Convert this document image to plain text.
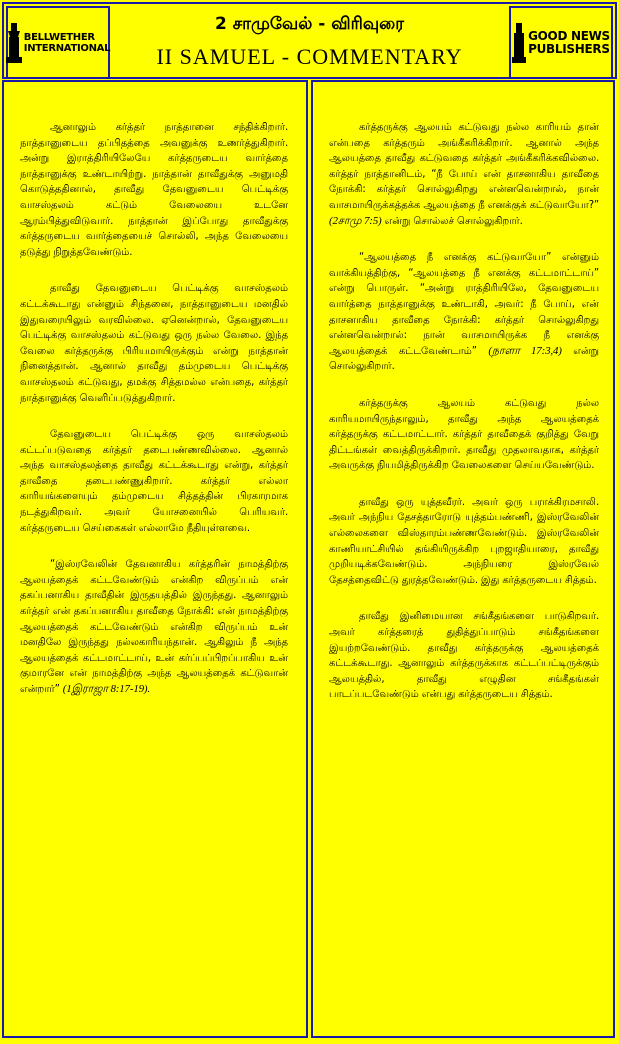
BELLWETHER
INTERNATIONAL
2 சாமுவேல் - விரிவுரை
II SAMUEL - COMMENTARY
GOOD NEWS
PUBLISHERS

ஆனாலும் கர்த்தர் நாத்தானை சந்திக்கிறார். நாத்தானுடைய தப்பிதத்தை அவனுக்கு உணர்த்துகிறார். அன்று இராத்திரியிலேயே கர்த்தருடைய வார்த்தை நாத்தானுக்கு உண்டாயிற்று. நாத்தான் தாவீதுக்கு அனுமதி கொடுத்ததினால், தாவீது தேவனுடைய பெட்டிக்கு வாசஸ்தலம் கட்டும் வேலையை உடனே ஆரம்பித்துவிடுவார். நாத்தான் இப்போது தாவீதுக்கு கர்த்தருடைய வார்த்தையைச் சொல்லி, அந்த வேலையை தடுத்து நிறுத்தவேண்டும்.

தாவீது தேவனுடைய பெட்டிக்கு வாசஸ்தலம் கட்டக்கூடாது என்னும் சிந்தனை, நாத்தானுடைய மனதில் இதுவரையிலும் வரவில்லை. ஏனென்றால், தேவனுடைய பெட்டிக்கு வாசஸ்தலம் கட்டுவது ஒரு நல்ல வேலை. இந்த வேலை கர்த்தருக்கு பிரியமாயிருக்கும் என்று நாத்தான் நினைத்தான். ஆனால் தாவீது தம்முடைய பெட்டிக்கு வாசஸ்தலம் கட்டுவது, தமக்கு சித்தமல்ல என்பதை, கர்த்தர் நாத்தானுக்கு வெளிப்படுத்துகிறார்.

தேவனுடைய பெட்டிக்கு ஒரு வாசஸ்தலம் கட்டப்படுவதை கர்த்தர் தடைபண்ணவில்லை. ஆனால் அந்த வாசஸ்தலத்தை தாவீது கட்டக்கூடாது என்று, கர்த்தர் தாவீதை தடைபண்ணுகிறார். கர்த்தர் எல்லா காரியங்களையும் தம்முடைய சித்தத்தின் பிரகாரமாக நடத்துகிறவர். அவர் யோசனையில் பெரியவர். கர்த்தருடைய செய்கைகள் எல்லாமே நீதியுள்ளவை.

“இஸ்ரவேலின் தேவனாகிய கர்த்தரின் நாமத்திற்கு ஆலயத்தைக் கட்டவேண்டும் என்கிற விருப்பம் என் தகப்பனாகிய தாவீதின் இருதயத்தில் இருந்தது. ஆனாலும் கர்த்தர் என் தகப்பனாகிய தாவீதை நோக்கி: என் நாமத்திற்கு ஆலயத்தைக் கட்டவேண்டும் என்கிற விருப்பம் உன் மனதிலே இருந்தது நல்லகாரியந்தான். ஆகிலும் நீ அந்த ஆலயத்தைக் கட்டமாட்டாய், உன் கர்ப்பப்பிறப்பாகிய உன் குமாரனே என் நாமத்திற்கு அந்த ஆலயத்தைக் கட்டுவான் என்றார்” (1இராஜா 8:17-19).

கர்த்தருக்கு ஆலயம் கட்டுவது நல்ல காரியம் தான் என்பதை கர்த்தரும் அங்கீகரிக்கிறார். ஆனால் அந்த ஆலயத்தை தாவீது கட்டுவதை கர்த்தர் அங்கீகரிக்கவில்லை. கர்த்தர் நாத்தானிடம், “நீ போய் என் தாசனாகிய தாவீதை நோக்கி: கர்த்தர் சொல்லுகிறது என்னவென்றால், நான் வாசமாயிருக்கத்தக்க ஆலயத்தை நீ எனக்குக் கட்டுவாயோ?” (2சாமு 7:5) என்று சொல்லச் சொல்லுகிறார்.

“ஆலயத்தை நீ எனக்கு கட்டுவாயோ” என்னும் வாக்கியத்திற்கு, “ஆலயத்தை நீ எனக்கு கட்டமாட்டாய்” என்று பொருள். “அன்று ராத்திரியிலே, தேவனுடைய வார்த்தை நாத்தானுக்கு உண்டாகி, அவர்: நீ போய், என் தாசனாகிய தாவீதை நோக்கி: கர்த்தர் சொல்லுகிறது என்னவென்றால்: நான் வாசமாயிருக்க நீ எனக்கு ஆலயத்தைக் கட்டவேண்டாம்” (நாளா 17:3,4) என்று சொல்லுகிறார்.

கர்த்தருக்கு ஆலயம் கட்டுவது நல்ல காரியமாயிருந்தாலும், தாவீது அந்த ஆலயத்தைக் கர்த்தருக்கு கட்டமாட்டார். கர்த்தர் தாவீதைக் குறித்து வேறு திட்டங்கள் வைத்திருக்கிறார். தாவீது முதலாவதாக, கர்த்தர் அவருக்கு நியமித்திருக்கிற வேலைகளை செய்யவேண்டும்.

தாவீது ஒரு யுத்தவீரர். அவர் ஒரு பராக்கிரமசாலி. அவர் அந்நிய தேசத்தாரோடு யுத்தம்பண்ணி, இஸ்ரவேலின் எல்லைகளை விஸ்தாரம்பண்ணவேண்டும். இஸ்ரவேலின் காணியாட்சியில் தங்கியிருக்கிற புறஜாதியாரை, தாவீது முறியடிக்கவேண்டும். அந்நியரை இஸ்ரவேல் தேசத்தைவிட்டு துரத்தவேண்டும். இது கர்த்தருடைய சித்தம்.

தாவீது இனிமையான சங்கீதங்களை பாடுகிறவர். அவர் கர்த்தரைத் துதித்துப்பாடும் சங்கீதங்களை இயற்றவேண்டும். தாவீது கர்த்தருக்கு ஆலயத்தைக் கட்டக்கூடாது. ஆனாலும் கர்த்தருக்காக கட்டப்பட்டிருக்கும் ஆலயத்தில், தாவீது எழுதின சங்கீதங்கள் பாடப்படவேண்டும் என்பது கர்த்தருடைய சித்தம்.
